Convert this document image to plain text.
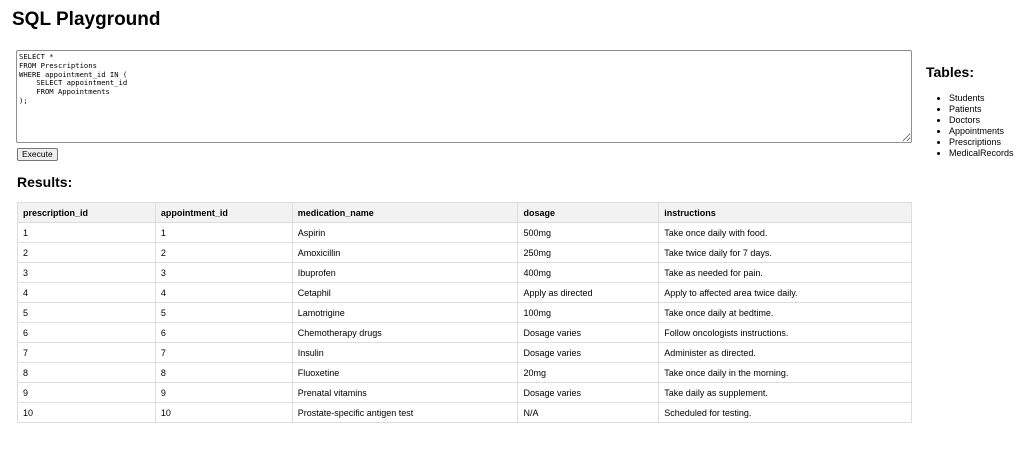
SQL Playground
SELECT * FROM Prescriptions WHERE appointment_id IN ( SELECT appointment_id FROM Appointments );
Execute
Results:
prescription_id	appointment_id	medication_name	dosage	instructions
1	1	Aspirin	500mg	Take once daily with food.
2	2	Amoxicillin	250mg	Take twice daily for 7 days.
3	3	Ibuprofen	400mg	Take as needed for pain.
4	4	Cetaphil	Apply as directed	Apply to affected area twice daily.
5	5	Lamotrigine	100mg	Take once daily at bedtime.
6	6	Chemotherapy drugs	Dosage varies	Follow oncologists instructions.
7	7	Insulin	Dosage varies	Administer as directed.
8	8	Fluoxetine	20mg	Take once daily in the morning.
9	9	Prenatal vitamins	Dosage varies	Take daily as supplement.
10	10	Prostate-specific antigen test	N/A	Scheduled for testing.
Tables:
• Students
• Patients
• Doctors
• Appointments
• Prescriptions
• MedicalRecords
